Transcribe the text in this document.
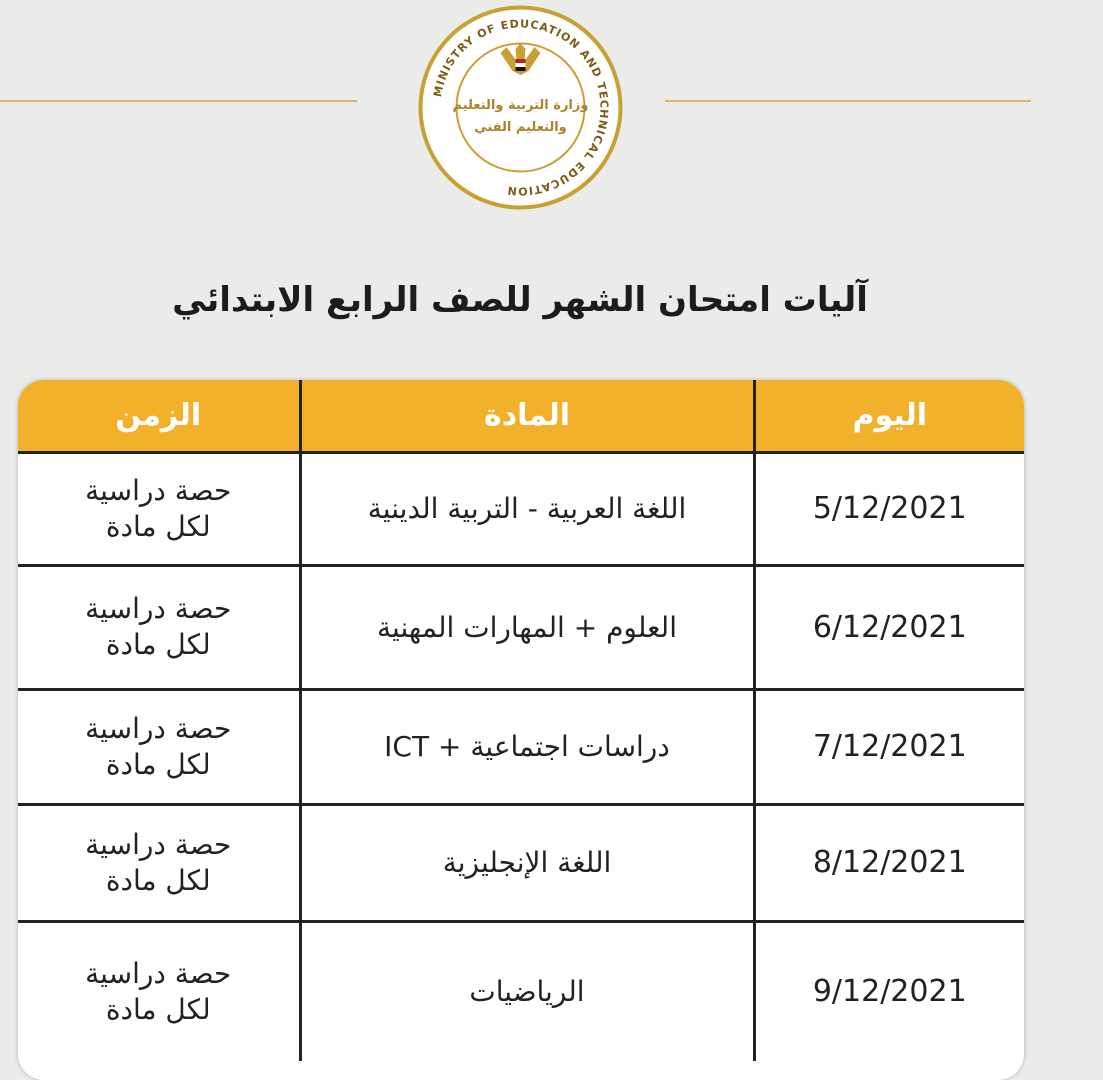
MINISTRY OF EDUCATION AND TECHNICAL EDUCATION
وزارة التربية والتعليم
والتعليم الفني
آليات امتحان الشهر للصف الرابع الابتدائي
اليوم	المادة	الزمن
5/12/2021	اللغة العربية - التربية الدينية	حصة دراسية
لكل مادة

6/12/2021	العلوم + المهارات المهنية	حصة دراسية
لكل مادة

7/12/2021	دراسات اجتماعية + ICT	حصة دراسية
لكل مادة

8/12/2021	اللغة الإنجليزية	حصة دراسية
لكل مادة

9/12/2021	الرياضيات	حصة دراسية
لكل مادة
